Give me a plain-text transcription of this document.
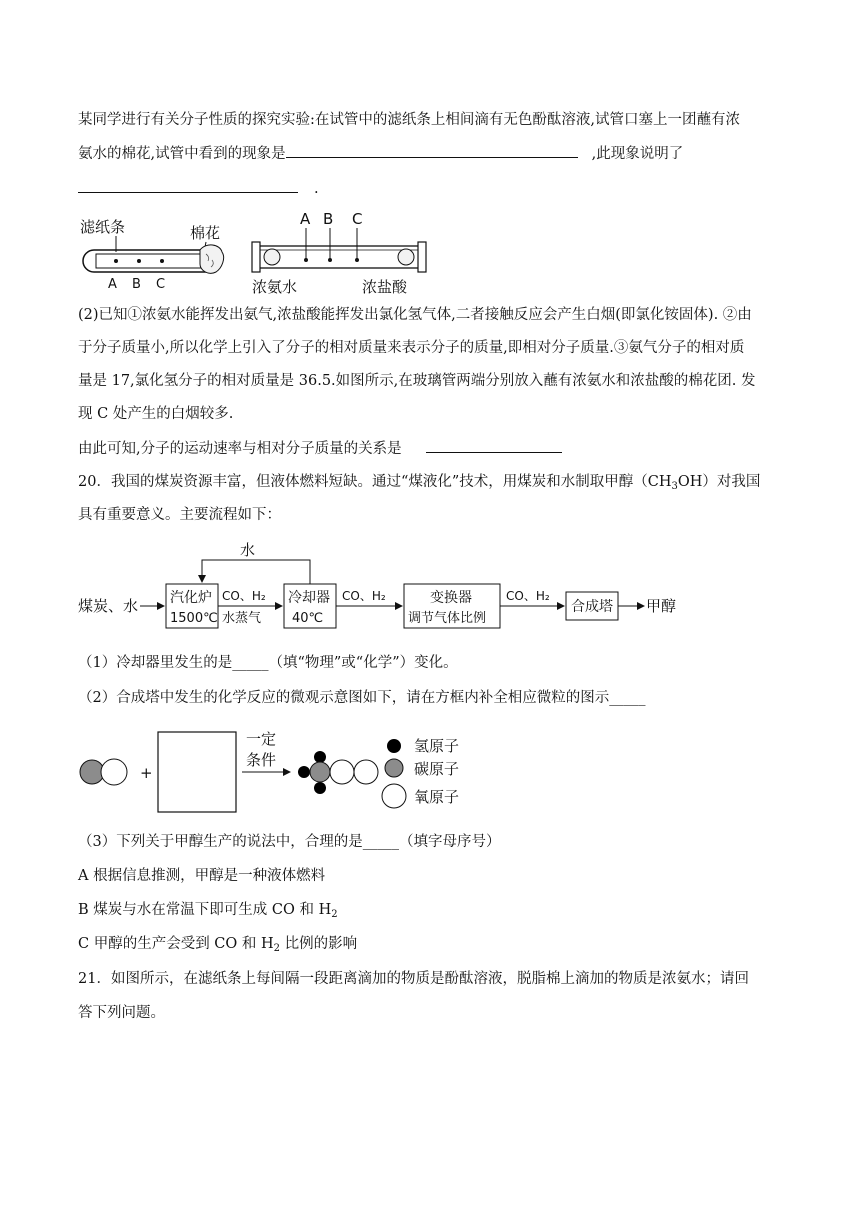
某同学进行有关分子性质的探究实验:在试管中的滤纸条上相间滴有无色酚酞溶液,试管口塞上一团蘸有浓
氨水的棉花,试管中看到的现象是	,此现象说明了
.
滤纸条	棉花
A B C
A B C
浓氨水	浓盐酸
(2)已知①浓氨水能挥发出氨气,浓盐酸能挥发出氯化氢气体,二者接触反应会产生白烟(即氯化铵固体). ②由
于分子质量小,所以化学上引入了分子的相对质量来表示分子的质量,即相对分子质量.③氨气分子的相对质
量是 17,氯化氢分子的相对质量是 36.5.如图所示,在玻璃管两端分别放入蘸有浓氨水和浓盐酸的棉花团. 发
现 C 处产生的白烟较多.
由此可知,分子的运动速率与相对分子质量的关系是
20．我国的煤炭资源丰富，但液体燃料短缺。通过“煤液化”技术，用煤炭和水制取甲醇$(CH_3OH)$对我国
具有重要意义。主要流程如下：
水
煤炭、水 汽化炉
1500℃
CO、H₂
水蒸气
冷却器
40℃
CO、H₂	变换器
调节气体比例
CO、H₂
合成塔 甲醇
（1）冷却器里发生的是_____（填“物理”或“化学”）变化。
（2）合成塔中发生的化学反应的微观示意图如下，请在方框内补全相应微粒的图示_____
+
一定
条件
氢原子
碳原子
氧原子
（3）下列关于甲醇生产的说法中，合理的是_____（填字母序号）
A 根据信息推测，甲醇是一种液体燃料
B 煤炭与水在常温下即可生成 CO 和 $H_2$
C 甲醇的生产会受到 CO 和 $H_2$ 比例的影响
21．如图所示，在滤纸条上每间隔一段距离滴加的物质是酚酞溶液，脱脂棉上滴加的物质是浓氨水；请回
答下列问题。
